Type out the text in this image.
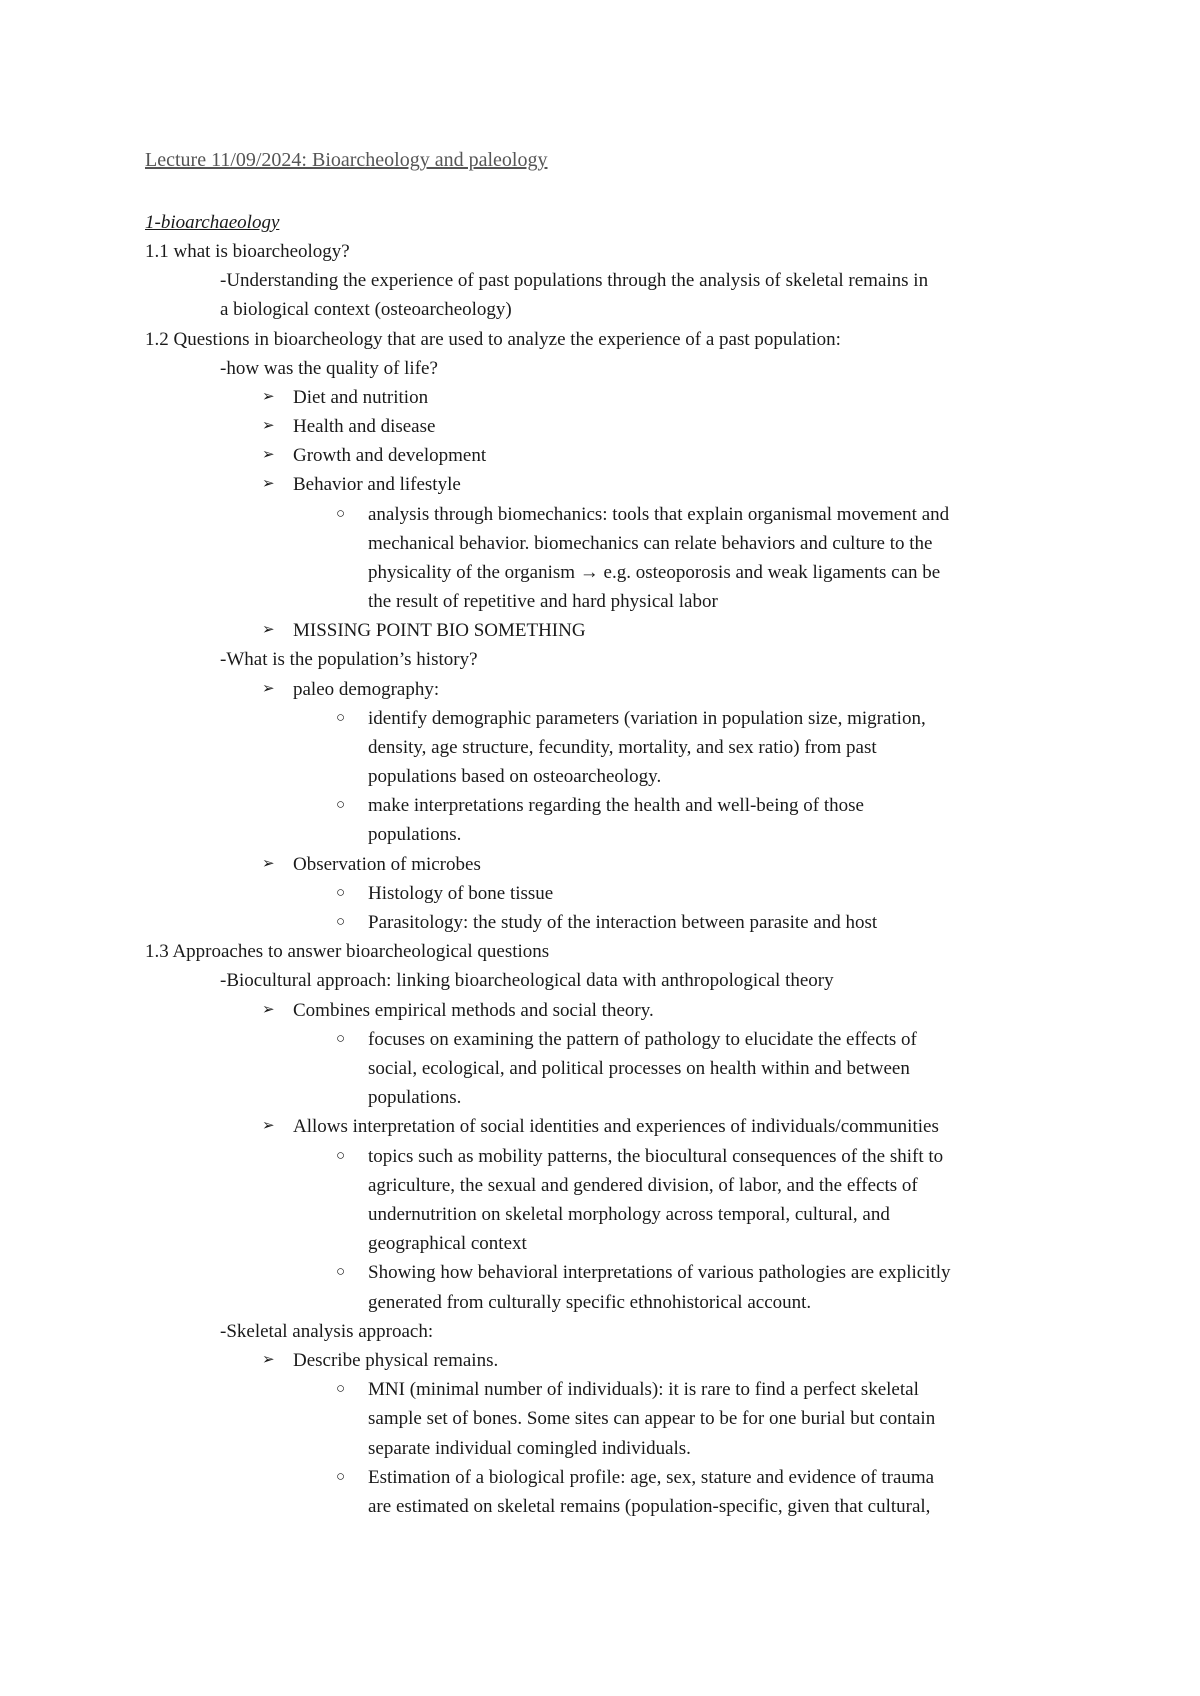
Lecture 11/09/2024: Bioarcheology and paleology
1-bioarchaeology
1.1 what is bioarcheology?
-Understanding the experience of past populations through the analysis of skeletal remains in
a biological context (osteoarcheology)
1.2 Questions in bioarcheology that are used to analyze the experience of a past population:
-how was the quality of life?
➢ Diet and nutrition
➢ Health and disease
➢ Growth and development
➢ Behavior and lifestyle
○ analysis through biomechanics: tools that explain organismal movement and
mechanical behavior. biomechanics can relate behaviors and culture to the
physicality of the organism → e.g. osteoporosis and weak ligaments can be
the result of repetitive and hard physical labor
➢ MISSING POINT BIO SOMETHING
-What is the population’s history?
➢ paleo demography:
○ identify demographic parameters (variation in population size, migration,
density, age structure, fecundity, mortality, and sex ratio) from past
populations based on osteoarcheology.
○ make interpretations regarding the health and well-being of those
populations.
➢ Observation of microbes
○ Histology of bone tissue
○ Parasitology: the study of the interaction between parasite and host
1.3 Approaches to answer bioarcheological questions
-Biocultural approach: linking bioarcheological data with anthropological theory
➢ Combines empirical methods and social theory.
○ focuses on examining the pattern of pathology to elucidate the effects of
social, ecological, and political processes on health within and between
populations.
➢ Allows interpretation of social identities and experiences of individuals/communities
○ topics such as mobility patterns, the biocultural consequences of the shift to
agriculture, the sexual and gendered division, of labor, and the effects of
undernutrition on skeletal morphology across temporal, cultural, and
geographical context
○ Showing how behavioral interpretations of various pathologies are explicitly
generated from culturally specific ethnohistorical account.
-Skeletal analysis approach:
➢ Describe physical remains.
○ MNI (minimal number of individuals): it is rare to find a perfect skeletal
sample set of bones. Some sites can appear to be for one burial but contain
separate individual comingled individuals.
○ Estimation of a biological profile: age, sex, stature and evidence of trauma
are estimated on skeletal remains (population-specific, given that cultural,
